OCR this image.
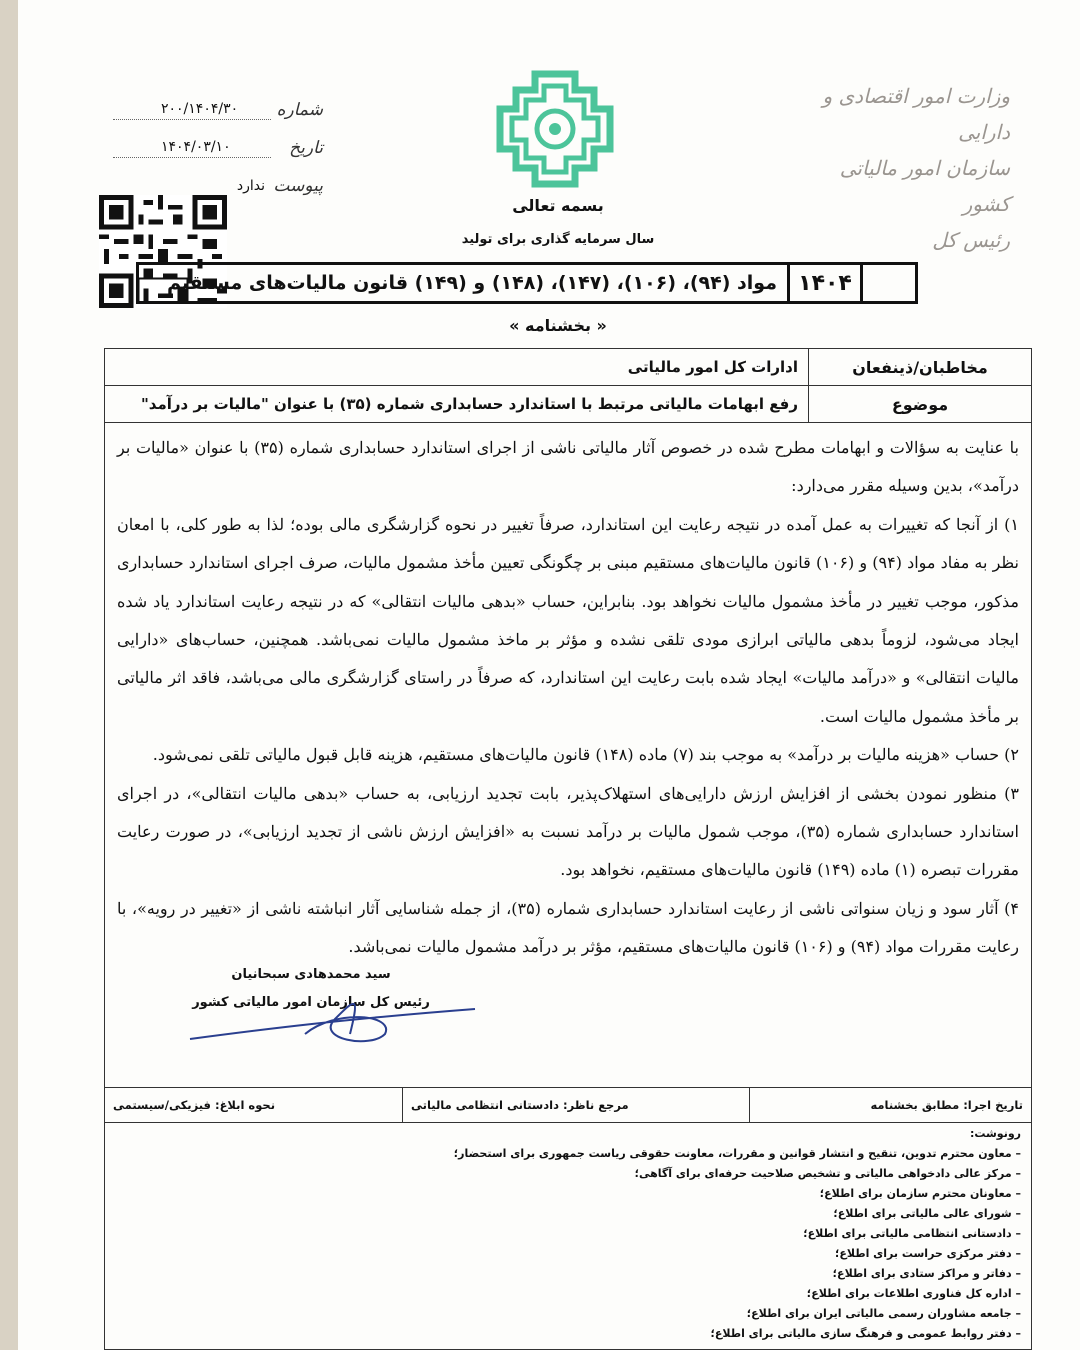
وزارت امور اقتصادی و دارایی
سازمان امور مالیاتی کشور
رئیس کل
شماره
۲۰۰/۱۴۰۴/۳۰
تاریخ
۱۴۰۴/۰۳/۱۰
پیوست
ندارد
بسمه تعالی
سال سرمایه گذاری برای تولید
۱۴۰۴
مواد (۹۴)، (۱۰۶)، (۱۴۷)، (۱۴۸) و (۱۴۹) قانون مالیات‌های مستقیم
« بخشنامه »
مخاطبان/ذینفعان
ادارات کل امور مالیاتی
موضوع
رفع ابهامات مالیاتی مرتبط با استاندارد حسابداری شماره (۳۵) با عنوان "مالیات بر درآمد"

با عنایت به سؤالات و ابهامات مطرح شده در خصوص آثار مالیاتی ناشی از اجرای استاندارد حسابداری شماره (۳۵) با عنوان «مالیات بر درآمد»، بدین وسیله مقرر می‌دارد:

۱) از آنجا که تغییرات به عمل آمده در نتیجه رعایت این استاندارد، صرفاً تغییر در نحوه گزارشگری مالی بوده؛ لذا به طور کلی، با امعان نظر به مفاد مواد (۹۴) و (۱۰۶) قانون مالیات‌های مستقیم مبنی بر چگونگی تعیین مأخذ مشمول مالیات، صرف اجرای استاندارد حسابداری مذکور، موجب تغییر در مأخذ مشمول مالیات نخواهد بود. بنابراین، حساب «بدهی مالیات انتقالی» که در نتیجه رعایت استاندارد یاد شده ایجاد می‌شود، لزوماً بدهی مالیاتی ابرازی مودی تلقی نشده و مؤثر بر ماخذ مشمول مالیات نمی‌باشد. همچنین، حساب‌های «دارایی مالیات انتقالی» و «درآمد مالیات» ایجاد شده بابت رعایت این استاندارد، که صرفاً در راستای گزارشگری مالی می‌باشد، فاقد اثر مالیاتی بر مأخذ مشمول مالیات است.

۲) حساب «هزینه مالیات بر درآمد» به موجب بند (۷) ماده (۱۴۸) قانون مالیات‌های مستقیم، هزینه قابل قبول مالیاتی تلقی نمی‌شود.

۳) منظور نمودن بخشی از افزایش ارزش دارایی‌های استهلاک‌پذیر، بابت تجدید ارزیابی، به حساب «بدهی مالیات انتقالی»، در اجرای استاندارد حسابداری شماره (۳۵)، موجب شمول مالیات بر درآمد نسبت به «افزایش ارزش ناشی از تجدید ارزیابی»، در صورت رعایت مقررات تبصره (۱) ماده (۱۴۹) قانون مالیات‌های مستقیم، نخواهد بود.

۴) آثار سود و زیان سنواتی ناشی از رعایت استاندارد حسابداری شماره (۳۵)، از جمله شناسایی آثار انباشته ناشی از «تغییر در رویه»، با رعایت مقررات مواد (۹۴) و (۱۰۶) قانون مالیات‌های مستقیم، مؤثر بر درآمد مشمول مالیات نمی‌باشد.

سید محمدهادی سبحانیان
رئیس کل سازمان امور مالیاتی کشور
تاریخ اجرا: مطابق بخشنامه
مرجع ناظر: دادستانی انتظامی مالیاتی
نحوه ابلاغ: فیزیکی/سیستمی
رونوشت:
– معاون محترم تدوین، تنقیح و انتشار قوانین و مقررات، معاونت حقوقی ریاست جمهوری برای استحضار؛
– مرکز عالی دادخواهی مالیاتی و تشخیص صلاحیت حرفه‌ای برای آگاهی؛
– معاونان محترم سازمان برای اطلاع؛
– شورای عالی مالیاتی برای اطلاع؛
– دادستانی انتظامی مالیاتی برای اطلاع؛
– دفتر مرکزی حراست برای اطلاع؛
– دفاتر و مراکز ستادی برای اطلاع؛
– اداره کل فناوری اطلاعات برای اطلاع؛
– جامعه مشاوران رسمی مالیاتی ایران برای اطلاع؛
– دفتر روابط عمومی و فرهنگ سازی مالیاتی برای اطلاع؛
